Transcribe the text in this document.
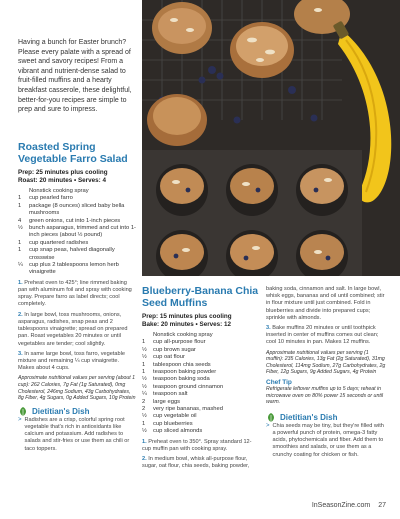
Having a bunch for Easter brunch? Please every palate with a spread of sweet and savory recipes! From a vibrant and nutrient-dense salad to fruit-filled muffins and a hearty breakfast casserole, these delightful, better-for-you recipes are simple to prep and sure to impress.
Roasted Spring Vegetable Farro Salad
Prep: 25 minutes plus cooling
Roast: 20 minutes • Serves: 4
Nonstick cooking spray
1	cup pearled farro
1	package (8 ounces) sliced baby bella mushrooms
4	green onions, cut into 1-inch pieces
½	bunch asparagus, trimmed and cut into 1-inch pieces (about ½ pound)
1	cup quartered radishes
1	cup snap peas, halved diagonally crosswise
¼	cup plus 2 tablespoons lemon herb vinaigrette
1. Preheat oven to 425°; line rimmed baking pan with aluminum foil and spray with cooking spray. Prepare farro as label directs; cool completely.
2. In large bowl, toss mushrooms, onions, asparagus, radishes, snap peas and 2 tablespoons vinaigrette; spread on prepared pan. Roast vegetables 20 minutes or until vegetables are tender; cool slightly.
3. In same large bowl, toss farro, vegetable mixture and remaining ¼ cup vinaigrette. Makes about 4 cups.
Approximate nutritional values per serving (about 1 cup): 262 Calories, 7g Fat (1g Saturated), 0mg Cholesterol, 246mg Sodium, 43g Carbohydrates, 8g Fiber, 4g Sugars, 0g Added Sugars, 10g Protein
Dietitian's Dish
> Radishes are a crisp, colorful spring root vegetable that's rich in antioxidants like calcium and potassium. Add radishes to salads and stir-fries or use them as chili or taco toppers.
Blueberry-Banana Chia Seed Muffins
Prep: 15 minutes plus cooling
Bake: 20 minutes • Serves: 12
Nonstick cooking spray
1	cup all-purpose flour
½	cup brown sugar
½	cup oat flour
1	tablespoon chia seeds
1	teaspoon baking powder
½	teaspoon baking soda
½	teaspoon ground cinnamon
¼	teaspoon salt
2	large eggs
2	very ripe bananas, mashed
½	cup vegetable oil
1	cup blueberries
½	cup sliced almonds
1. Preheat oven to 350°. Spray standard 12-cup muffin pan with cooking spray.
2. In medium bowl, whisk all-purpose flour, sugar, oat flour, chia seeds, baking powder,
baking soda, cinnamon and salt. In large bowl, whisk eggs, bananas and oil until combined; stir in flour mixture until just combined. Fold in blueberries and divide into prepared cups; sprinkle with almonds.
3. Bake muffins 20 minutes or until toothpick inserted in center of muffins comes out clean; cool 10 minutes in pan. Makes 12 muffins.
Approximate nutritional values per serving (1 muffin): 235 Calories, 13g Fat (2g Saturated), 31mg Cholesterol, 114mg Sodium, 27g Carbohydrates, 2g Fiber, 12g Sugars, 9g Added Sugars, 4g Protein
Chef Tip
Refrigerate leftover muffins up to 5 days; reheat in microwave oven on 80% power 15 seconds or until warm.
Dietitian's Dish
> Chia seeds may be tiny, but they're filled with a powerful punch of protein, omega-3 fatty acids, phytochemicals and fiber. Add them to smoothies and salads, or use them as a crunchy coating for chicken or fish.
InSeasonZine.com 27
